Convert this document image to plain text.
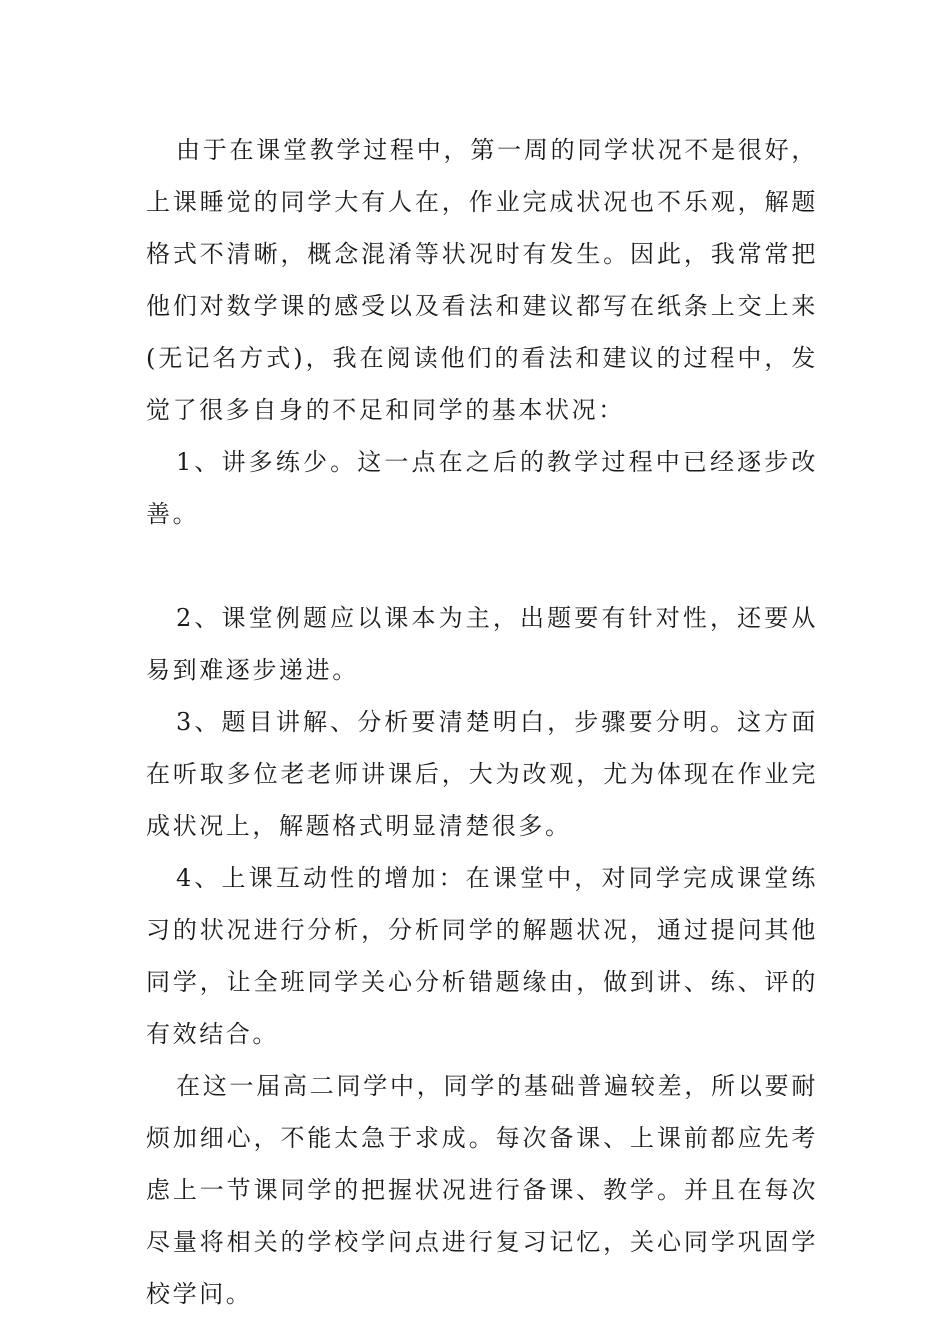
由于在课堂教学过程中，第一周的同学状况不是很好，上课睡觉的同学大有人在，作业完成状况也不乐观，解题格式不清晰，概念混淆等状况时有发生。因此，我常常把他们对数学课的感受以及看法和建议都写在纸条上交上来(无记名方式)，我在阅读他们的看法和建议的过程中，发觉了很多自身的不足和同学的基本状况：

1、讲多练少。这一点在之后的教学过程中已经逐步改善。

2、课堂例题应以课本为主，出题要有针对性，还要从易到难逐步递进。

3、题目讲解、分析要清楚明白，步骤要分明。这方面在听取多位老老师讲课后，大为改观，尤为体现在作业完成状况上，解题格式明显清楚很多。

4、上课互动性的增加：在课堂中，对同学完成课堂练习的状况进行分析，分析同学的解题状况，通过提问其他同学，让全班同学关心分析错题缘由，做到讲、练、评的有效结合。

在这一届高二同学中，同学的基础普遍较差，所以要耐烦加细心，不能太急于求成。每次备课、上课前都应先考虑上一节课同学的把握状况进行备课、教学。并且在每次尽量将相关的学校学问点进行复习记忆，关心同学巩固学校学问。
